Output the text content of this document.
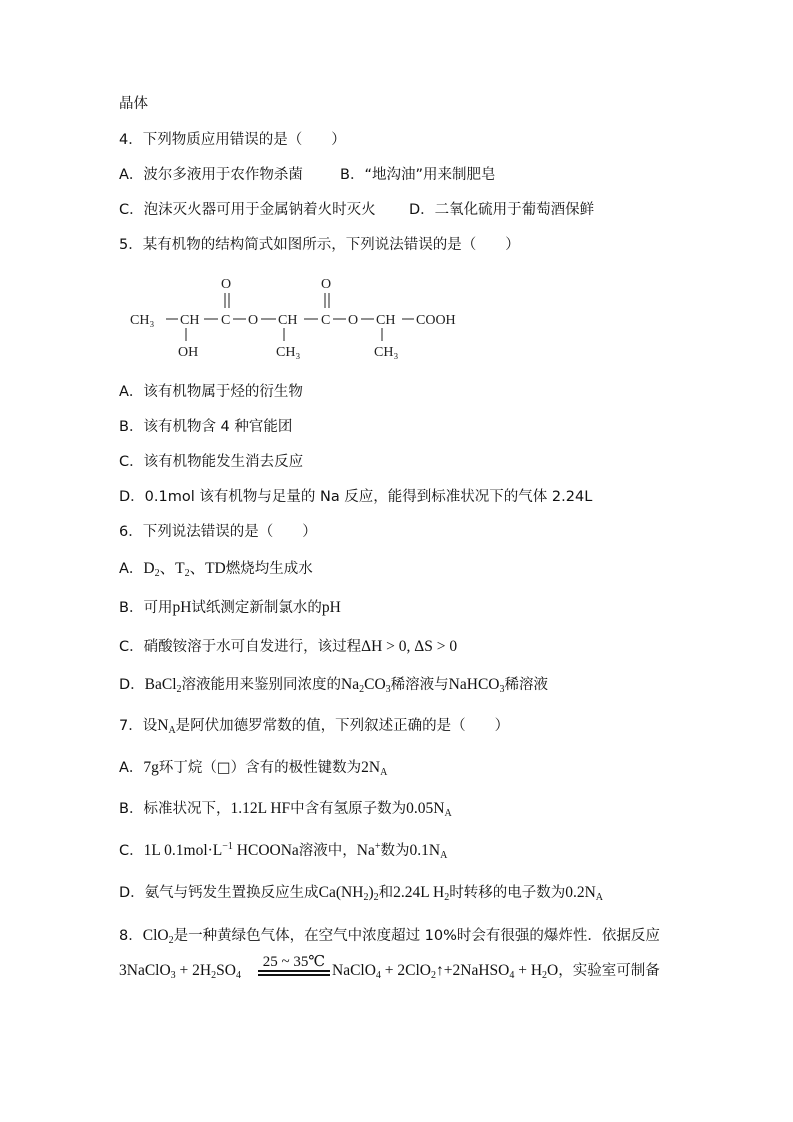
晶体
4．下列物质应用错误的是（　　）
A．波尔多液用于农作物杀菌	B．“地沟油”用来制肥皂
C．泡沫灭火器可用于金属钠着火时灭火 D．二氧化硫用于葡萄酒保鲜
5．某有机物的结构简式如图所示，下列说法错误的是（　　）
CH₃ CH C O CH C O CH COOH
O	O
OH	CH₃	CH₃
A．该有机物属于烃的衍生物
B．该有机物含 4 种官能团
C．该有机物能发生消去反应
D．0.1mol 该有机物与足量的 Na 反应，能得到标准状况下的气体 2.24L
6．下列说法错误的是（　　）
A．$D_2$、$T_2$、TD燃烧均生成水
B．可用pH试纸测定新制氯水的pH
C．硝酸铵溶于水可自发进行，该过程ΔH > 0, ΔS > 0
D．BaCl$_2$溶液能用来鉴别同浓度的$Na_2CO_3$稀溶液与NaHCO$_3$稀溶液
7．设$N_A$是阿伏加德罗常数的值，下列叙述正确的是（　　）
A．7g环丁烷（□）含有的极性键数为$2N_A$
B．标准状况下，1.12L HF中含有氢原子数为$0.05N_A$
C．1L $0.1mol\cdot L^{-1}$ HCOONa溶液中，Na+数为$0.1N_A$
D．氨气与钙发生置换反应生成$Ca(NH_2)_2$和2.24L $H_2$时转移的电子数为$0.2N_A$
8．ClO$_2$是一种黄绿色气体，在空气中浓度超过 10%时会有很强的爆炸性．依据反应
25 ~ 35℃
3NaClO$_3$ + $2H_2SO_4$	NaClO$_4$ + 2ClO$_2$↑+2NaHSO$_4$ + $H_2O$，实验室可制备
